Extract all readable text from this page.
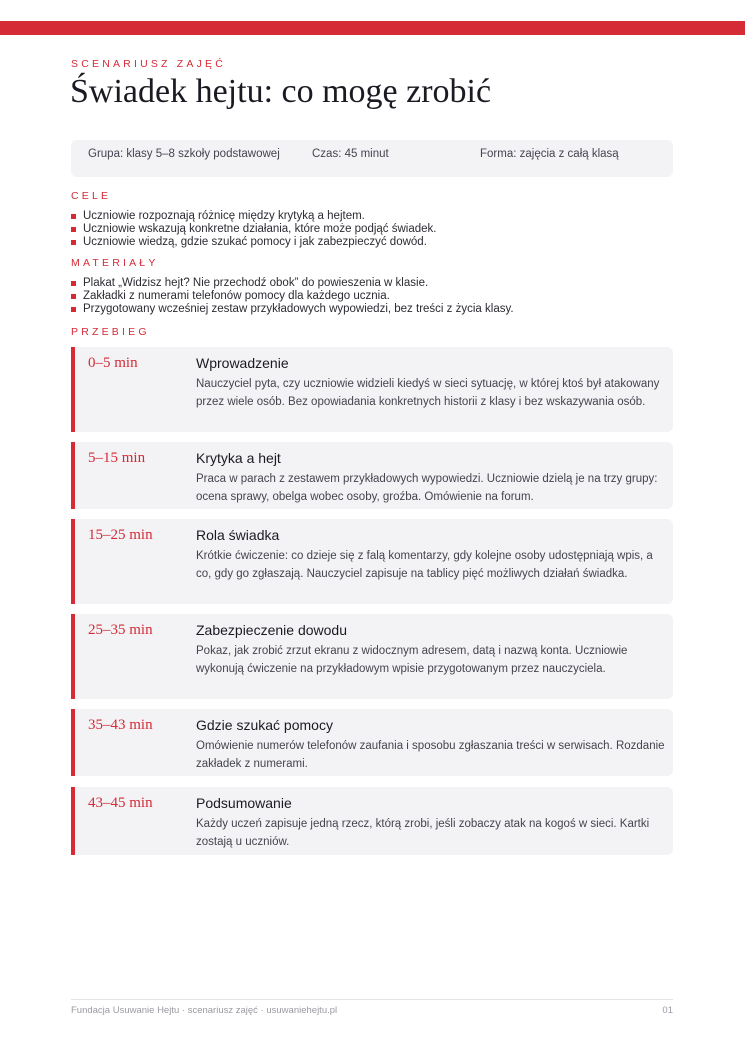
SCENARIUSZ ZAJĘĆ
Świadek hejtu: co mogę zrobić
Grupa: klasy 5–8 szkoły podstawowej	Czas: 45 minut	Forma: zajęcia z całą klasą
CELE
Uczniowie rozpoznają różnicę między krytyką a hejtem.
Uczniowie wskazują konkretne działania, które może podjąć świadek.
Uczniowie wiedzą, gdzie szukać pomocy i jak zabezpieczyć dowód.
MATERIAŁY
Plakat „Widzisz hejt? Nie przechodź obok” do powieszenia w klasie.
Zakładki z numerami telefonów pomocy dla każdego ucznia.
Przygotowany wcześniej zestaw przykładowych wypowiedzi, bez treści z życia klasy.
PRZEBIEG
0–5 min	Wprowadzenie
Nauczyciel pyta, czy uczniowie widzieli kiedyś w sieci sytuację, w której ktoś był atakowany przez wiele osób. Bez opowiadania konkretnych historii z klasy i bez wskazywania osób.
5–15 min	Krytyka a hejt
Praca w parach z zestawem przykładowych wypowiedzi. Uczniowie dzielą je na trzy grupy: ocena sprawy, obelga wobec osoby, groźba. Omówienie na forum.
15–25 min	Rola świadka
Krótkie ćwiczenie: co dzieje się z falą komentarzy, gdy kolejne osoby udostępniają wpis, a co, gdy go zgłaszają. Nauczyciel zapisuje na tablicy pięć możliwych działań świadka.
25–35 min	Zabezpieczenie dowodu
Pokaz, jak zrobić zrzut ekranu z widocznym adresem, datą i nazwą konta. Uczniowie wykonują ćwiczenie na przykładowym wpisie przygotowanym przez nauczyciela.
35–43 min	Gdzie szukać pomocy
Omówienie numerów telefonów zaufania i sposobu zgłaszania treści w serwisach. Rozdanie zakładek z numerami.
43–45 min	Podsumowanie
Każdy uczeń zapisuje jedną rzecz, którą zrobi, jeśli zobaczy atak na kogoś w sieci. Kartki zostają u uczniów.
Fundacja Usuwanie Hejtu · scenariusz zajęć · usuwaniehejtu.pl	01
